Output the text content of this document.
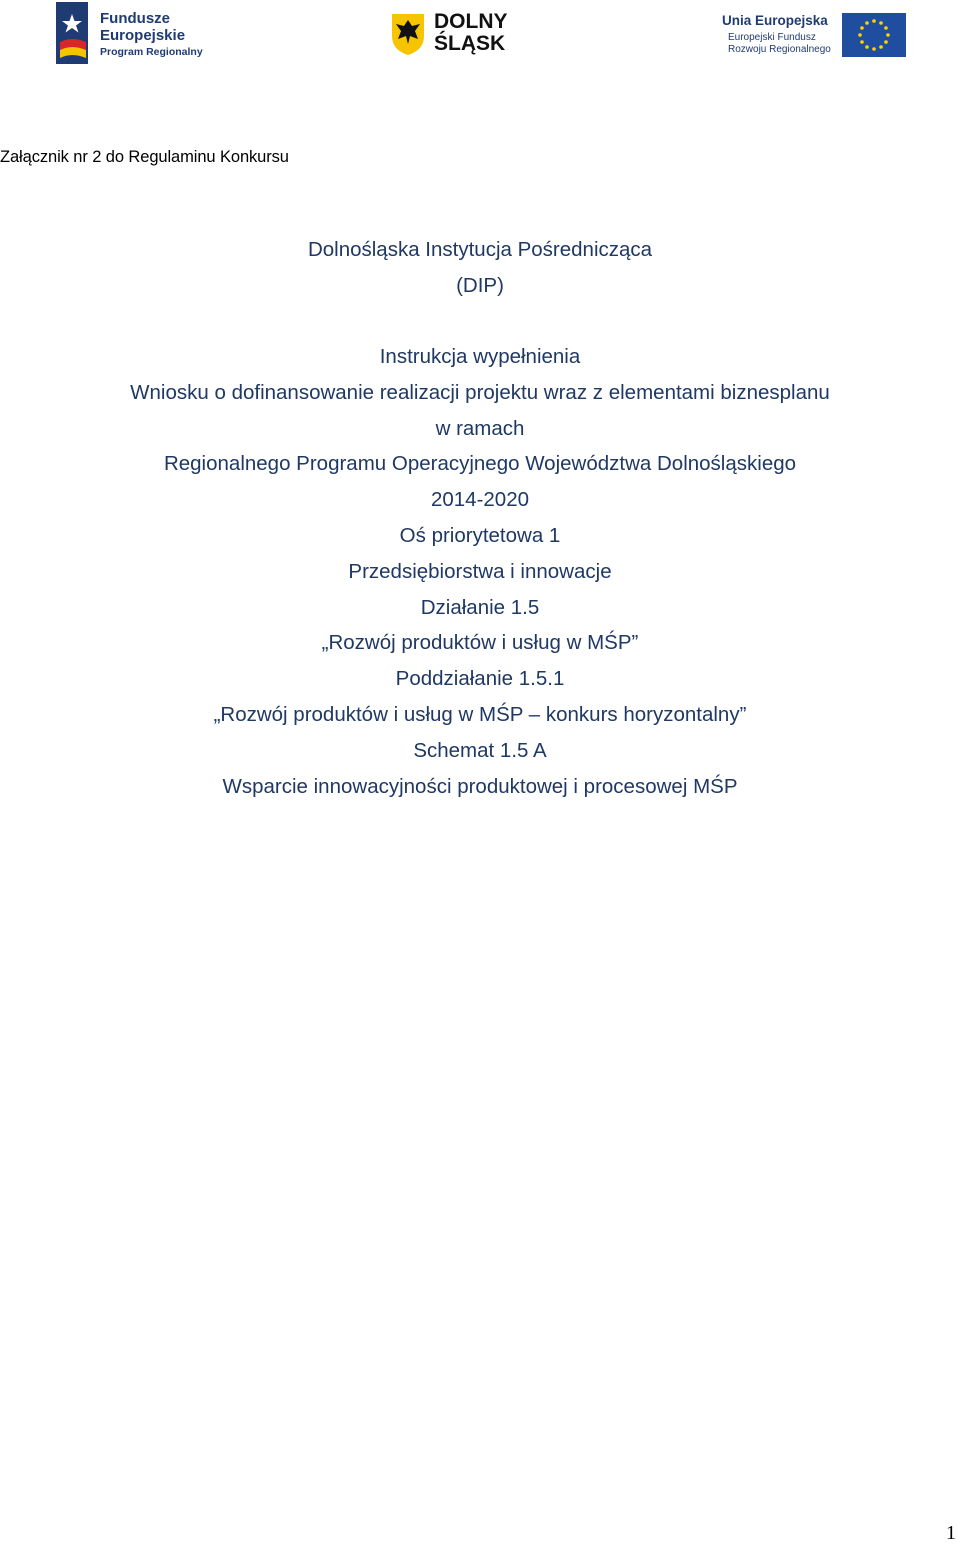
Fundusze
Europejskie
Program Regionalny
DOLNY
ŚLĄSK
Unia Europejska
Europejski Fundusz
Rozwoju Regionalnego
Załącznik nr 2 do Regulaminu Konkursu
Dolnośląska Instytucja Pośrednicząca
(DIP)
Instrukcja wypełnienia
Wniosku o dofinansowanie realizacji projektu wraz z elementami biznesplanu
w ramach
Regionalnego Programu Operacyjnego Województwa Dolnośląskiego
2014-2020
Oś priorytetowa 1
Przedsiębiorstwa i innowacje
Działanie 1.5
„Rozwój produktów i usług w MŚP”
Poddziałanie 1.5.1
„Rozwój produktów i usług w MŚP – konkurs horyzontalny”
Schemat 1.5 A
Wsparcie innowacyjności produktowej i procesowej MŚP
1
